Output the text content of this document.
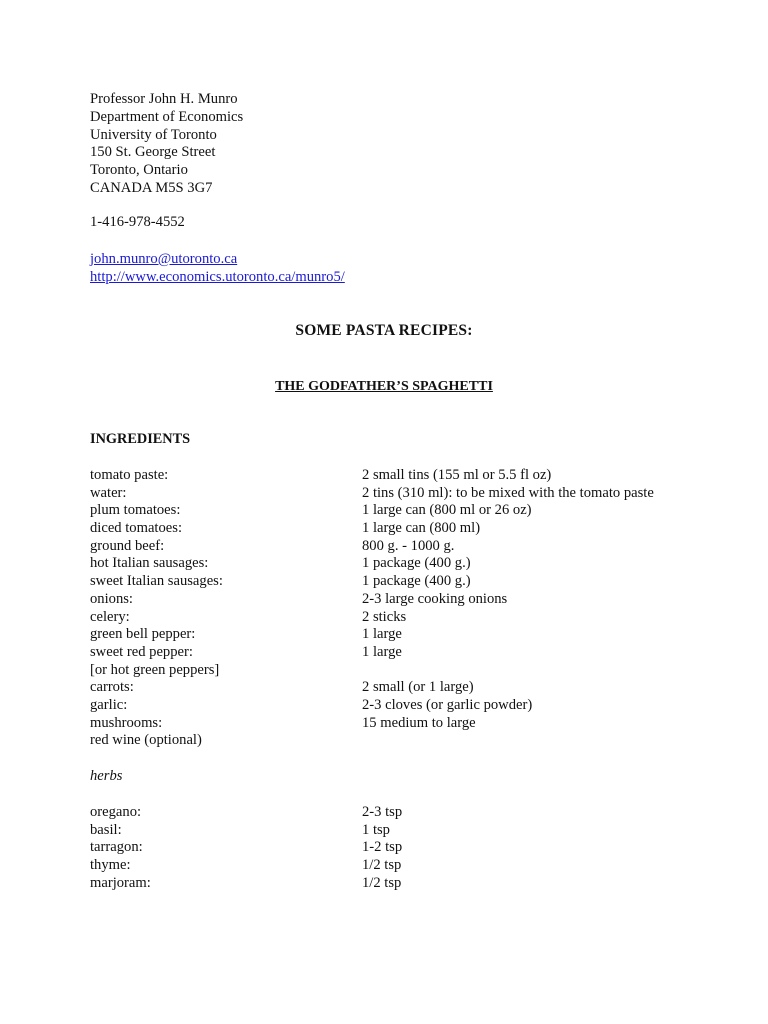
Professor John H. Munro
Department of Economics
University of Toronto
150 St. George Street
Toronto, Ontario
CANADA M5S 3G7
1-416-978-4552
john.munro@utoronto.ca
http://www.economics.utoronto.ca/munro5/
SOME PASTA RECIPES:
THE GODFATHER’S SPAGHETTI
INGREDIENTS
tomato paste:	2 small tins (155 ml or 5.5 fl oz)
water:	2 tins (310 ml): to be mixed with the tomato paste
plum tomatoes:	1 large can (800 ml or 26 oz)
diced tomatoes:	1 large can (800 ml)
ground beef:	800 g. - 1000 g.
hot Italian sausages:	1 package (400 g.)
sweet Italian sausages:	1 package (400 g.)
onions:	2-3 large cooking onions
celery:	2 sticks
green bell pepper:	1 large
sweet red pepper:	1 large
[or hot green peppers]
carrots:	2 small (or 1 large)
garlic:	2-3 cloves (or garlic powder)
mushrooms:	15 medium to large
red wine (optional)
herbs
oregano:	2-3 tsp
basil:	1 tsp
tarragon:	1-2 tsp
thyme:	1/2 tsp
marjoram:	1/2 tsp
